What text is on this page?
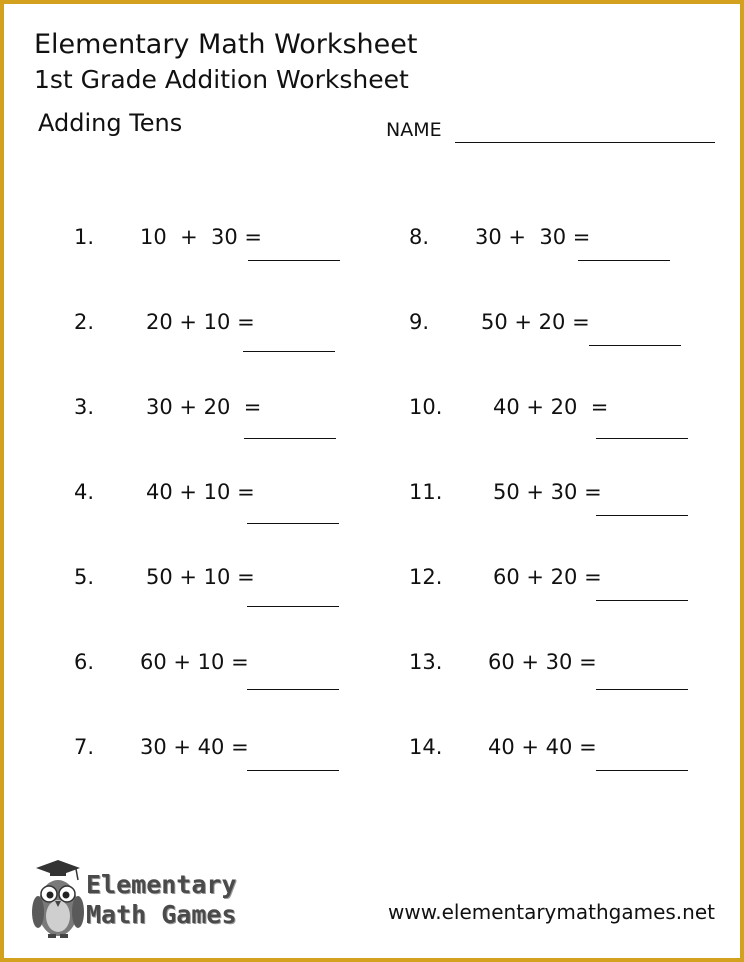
Elementary Math Worksheet
1st Grade Addition Worksheet
Adding Tens	NAME
1. 10  +  30 =
2. 20 + 10 =
3. 30 + 20  =
4. 40 + 10 =
5. 50 + 10 =
6. 60 + 10 =
7. 30 + 40 =
8. 30 +  30 =
9. 50 + 20 =
10. 40 + 20  =
11. 50 + 30 =
12. 60 + 20 =
13. 60 + 30 =
14. 40 + 40 =
Elementary
Math Games	www.elementarymathgames.net
